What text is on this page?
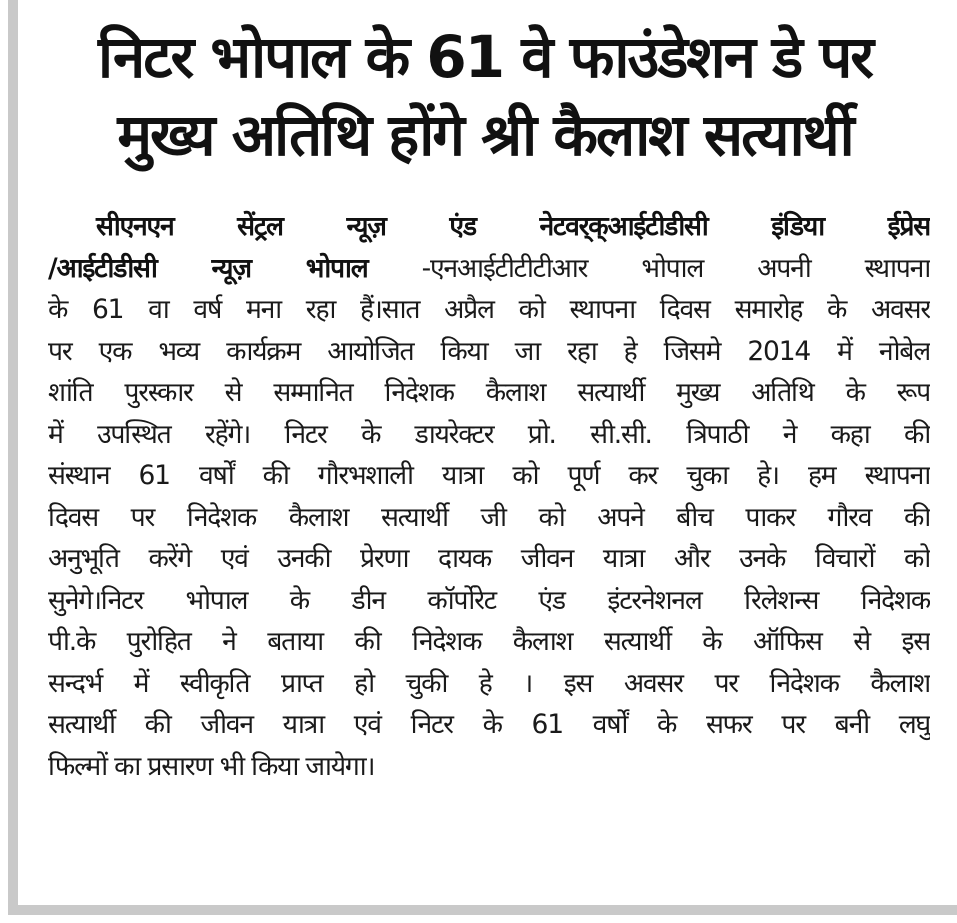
निटर भोपाल के 61 वे फाउंडेशन डे पर
मुख्य अतिथि होंगे श्री कैलाश सत्यार्थी
सीएनएन सेंट्रल न्यूज़ एंड नेटवर्क्‍आईटीडीसी इंडिया ईप्रेस
/आईटीडीसी न्यूज़ भोपाल -एनआईटीटीटीआर भोपाल अपनी स्थापना
के 61 वा वर्ष मना रहा हैं।सात अप्रैल को स्थापना दिवस समारोह के अवसर
पर एक भव्य कार्यक्रम आयोजित किया जा रहा हे जिसमे 2014 में नोबेल
शांति पुरस्कार से सम्मानित निदेशक कैलाश सत्यार्थी मुख्य अतिथि के रूप
में उपस्थित रहेंगे। निटर के डायरेक्टर प्रो. सी.सी. त्रिपाठी ने कहा की
संस्थान 61 वर्षों की गौरभशाली यात्रा को पूर्ण कर चुका हे। हम स्थापना
दिवस पर निदेशक कैलाश सत्यार्थी जी को अपने बीच पाकर गौरव की
अनुभूति करेंगे एवं उनकी प्रेरणा दायक जीवन यात्रा और उनके विचारों को
सुनेगे।निटर भोपाल के डीन कॉर्पोरेट एंड इंटरनेशनल रिलेशन्स निदेशक
पी.के पुरोहित ने बताया की निदेशक कैलाश सत्यार्थी के ऑफिस से इस
सन्दर्भ में स्वीकृति प्राप्त हो चुकी हे । इस अवसर पर निदेशक कैलाश
सत्यार्थी की जीवन यात्रा एवं निटर के 61 वर्षों के सफर पर बनी लघु
फिल्मों का प्रसारण भी किया जायेगा।
